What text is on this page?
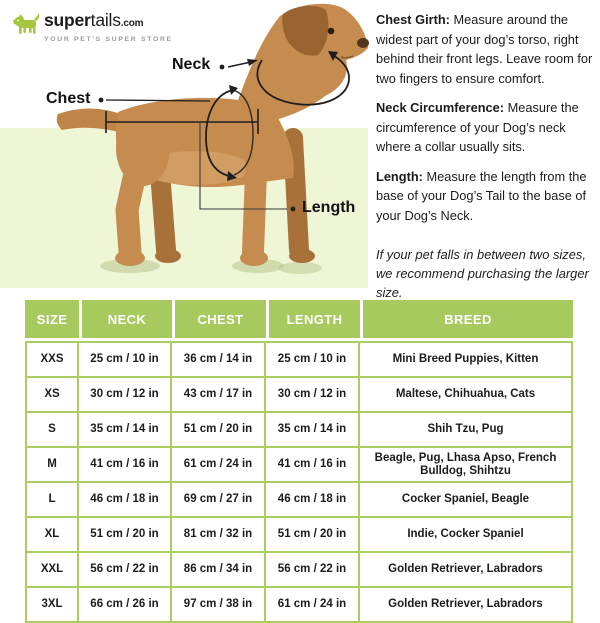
supertails.com
YOUR PET'S SUPER STORE
Neck
Chest
Length

Chest Girth: Measure around the widest part of your dog’s torso, right behind their front legs. Leave room for two fingers to ensure comfort.

Neck Circumference: Measure the circumference of your Dog’s neck where a collar usually sits.

Length: Measure the length from the base of your Dog’s Tail to the base of your Dog’s Neck.

If your pet falls in between two sizes, we recommend purchasing the larger size.
SIZE	NECK	CHEST	LENGTH	BREED
XXS	25 cm / 10 in	36 cm / 14 in	25 cm / 10 in	Mini Breed Puppies, Kitten
XS	30 cm / 12 in	43 cm / 17 in	30 cm / 12 in	Maltese, Chihuahua, Cats
S	35 cm / 14 in	51 cm / 20 in	35 cm / 14 in	Shih Tzu, Pug
M	41 cm / 16 in	61 cm / 24 in	41 cm / 16 in	Beagle, Pug, Lhasa Apso, French Bulldog, Shihtzu
L	46 cm / 18 in	69 cm / 27 in	46 cm / 18 in	Cocker Spaniel, Beagle
XL	51 cm / 20 in	81 cm / 32 in	51 cm / 20 in	Indie, Cocker Spaniel
XXL	56 cm / 22 in	86 cm / 34 in	56 cm / 22 in	Golden Retriever, Labradors
3XL	66 cm / 26 in	97 cm / 38 in	61 cm / 24 in	Golden Retriever, Labradors
